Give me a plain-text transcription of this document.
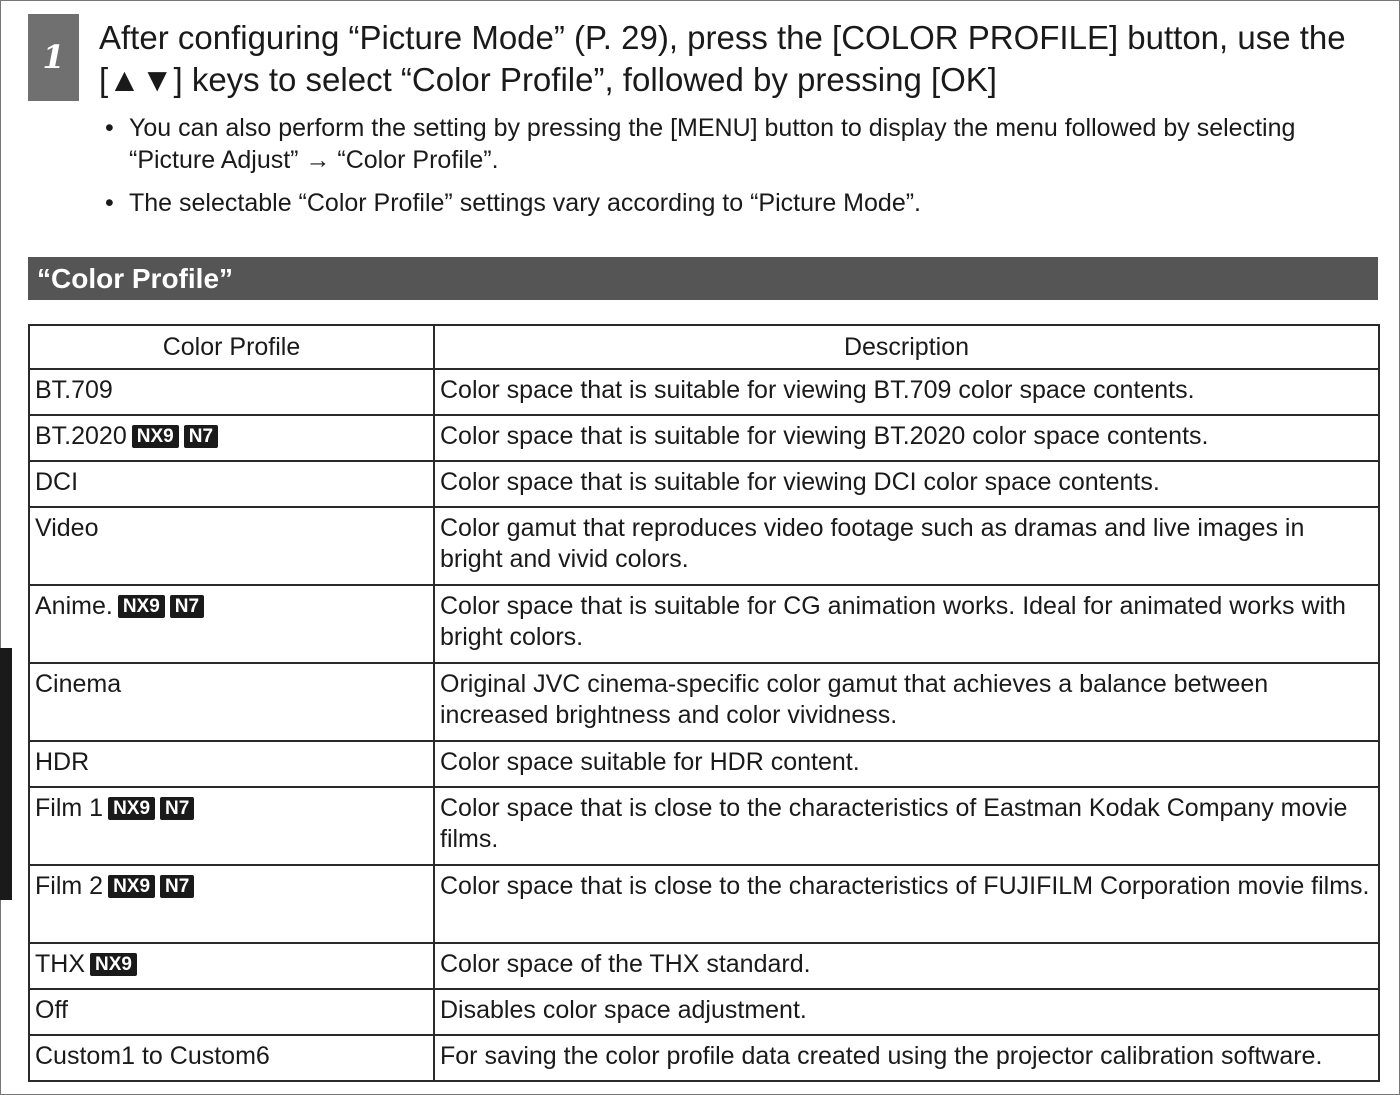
1
After configuring “Picture Mode” (P. 29), press the [COLOR PROFILE] button, use the [▲▼] keys to select “Color Profile”, followed by pressing [OK]
• You can also perform the setting by pressing the [MENU] button to display the menu followed by selecting “Picture Adjust” → “Color Profile”.
• The selectable “Color Profile” settings vary according to “Picture Mode”.
“Color Profile”
Color Profile	Description
BT.709	Color space that is suitable for viewing BT.709 color space contents.
BT.2020 NX9 N7	Color space that is suitable for viewing BT.2020 color space contents.
DCI	Color space that is suitable for viewing DCI color space contents.
Video	Color gamut that reproduces video footage such as dramas and live images in bright and vivid colors.
Anime. NX9 N7	Color space that is suitable for CG animation works. Ideal for animated works with bright colors.
Cinema	Original JVC cinema-specific color gamut that achieves a balance between increased brightness and color vividness.
HDR	Color space suitable for HDR content.
Film 1 NX9 N7	Color space that is close to the characteristics of Eastman Kodak Company movie films.
Film 2 NX9 N7	Color space that is close to the characteristics of FUJIFILM Corporation movie films.
THX NX9	Color space of the THX standard.
Off	Disables color space adjustment.
Custom1 to Custom6	For saving the color profile data created using the projector calibration software.
